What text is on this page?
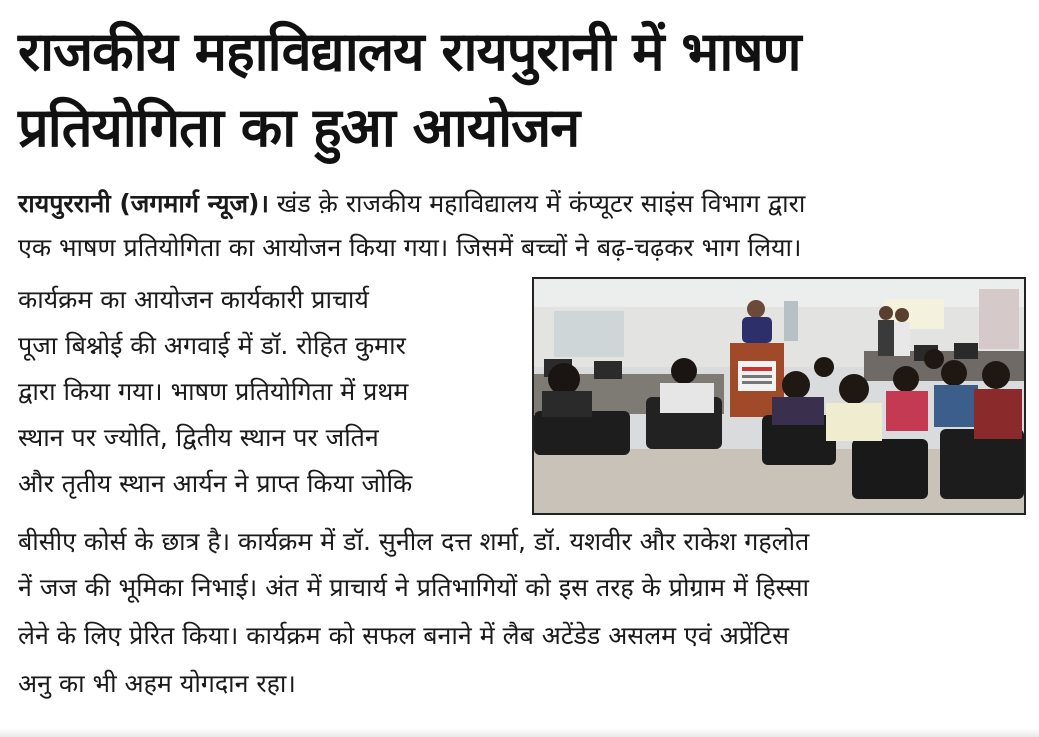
राजकीय महाविद्यालय रायपुरानी में भाषण
प्रतियोगिता का हुआ आयोजन

रायपुररानी (जगमार्ग न्यूज)। खंड क़े राजकीय महाविद्यालय में कंप्यूटर साइंस विभाग द्वारा

एक भाषण प्रतियोगिता का आयोजन किया गया। जिसमें बच्चों ने बढ़-चढ़कर भाग लिया।

कार्यक्रम का आयोजन कार्यकारी प्राचार्य

पूजा बिश्नोई की अगवाई में डॉ. रोहित कुमार

द्वारा किया गया। भाषण प्रतियोगिता में प्रथम

स्थान पर ज्योति, द्वितीय स्थान पर जतिन

और तृतीय स्थान आर्यन ने प्राप्त किया जोकि

बीसीए कोर्स के छात्र है। कार्यक्रम में डॉ. सुनील दत्त शर्मा, डॉ. यशवीर और राकेश गहलोत

नें जज की भूमिका निभाई। अंत में प्राचार्य ने प्रतिभागियों को इस तरह के प्रोग्राम में हिस्सा

लेने के लिए प्रेरित किया। कार्यक्रम को सफल बनाने में लैब अटेंडेड असलम एवं अप्रेंटिस

अनु का भी अहम योगदान रहा।
